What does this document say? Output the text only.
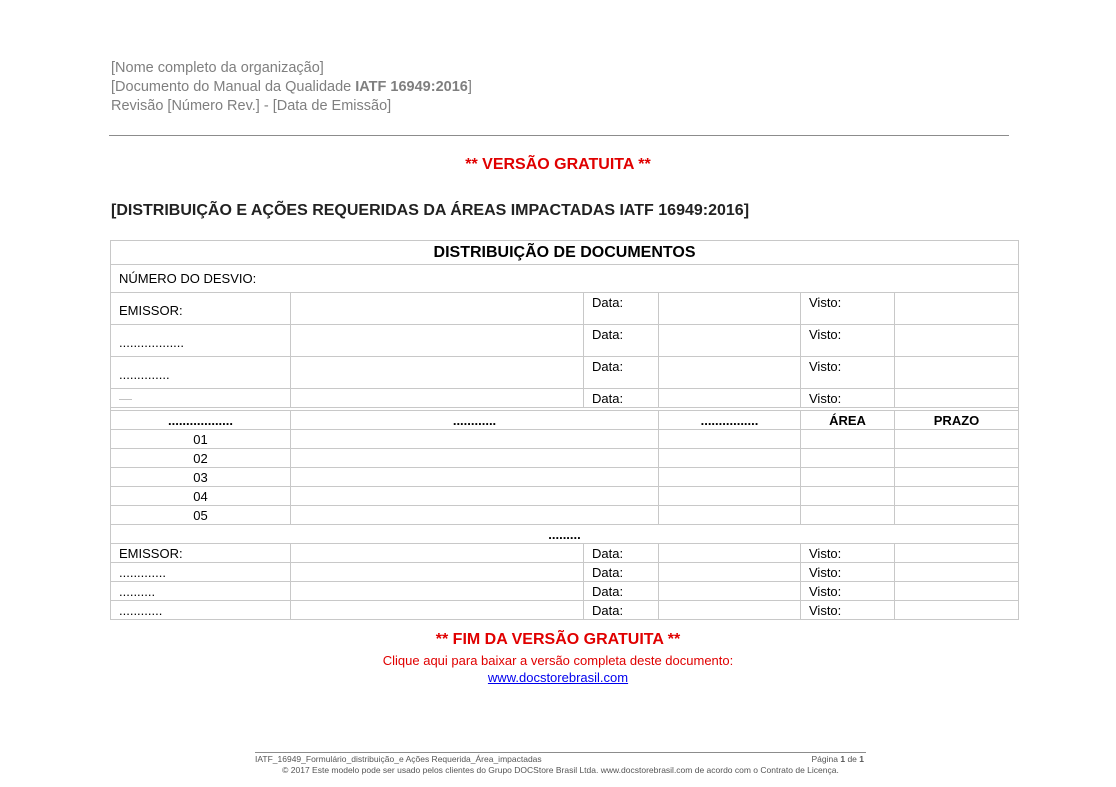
[Nome completo da organização]
[Documento do Manual da Qualidade IATF 16949:2016]
Revisão [Número Rev.] - [Data de Emissão]
** VERSÃO GRATUITA **
[DISTRIBUIÇÃO E AÇÕES REQUERIDAS DA ÁREAS IMPACTADAS IATF 16949:2016]
DISTRIBUIÇÃO DE DOCUMENTOS					
NÚMERO DO DESVIO:					
EMISSOR:		Data:		Visto:	
..................		Data:		Visto:	
..............		Data:		Visto:	
—		Data:		Visto:	

..................	............		................	ÁREA	PRAZO
01					
02					
03					
04					
05					
.........					
EMISSOR:		Data:		Visto:	
.............		Data:		Visto:	
..........		Data:		Visto:	
............		Data:		Visto:	
** FIM DA VERSÃO GRATUITA **
Clique aqui para baixar a versão completa deste documento:
www.docstorebrasil.com
IATF_16949_Formulário_distribuição_e Ações Requerida_Área_impactadas	Página 1 de 1
© 2017 Este modelo pode ser usado pelos clientes do Grupo DOCStore Brasil Ltda. www.docstorebrasil.com de acordo com o Contrato de Licença.
